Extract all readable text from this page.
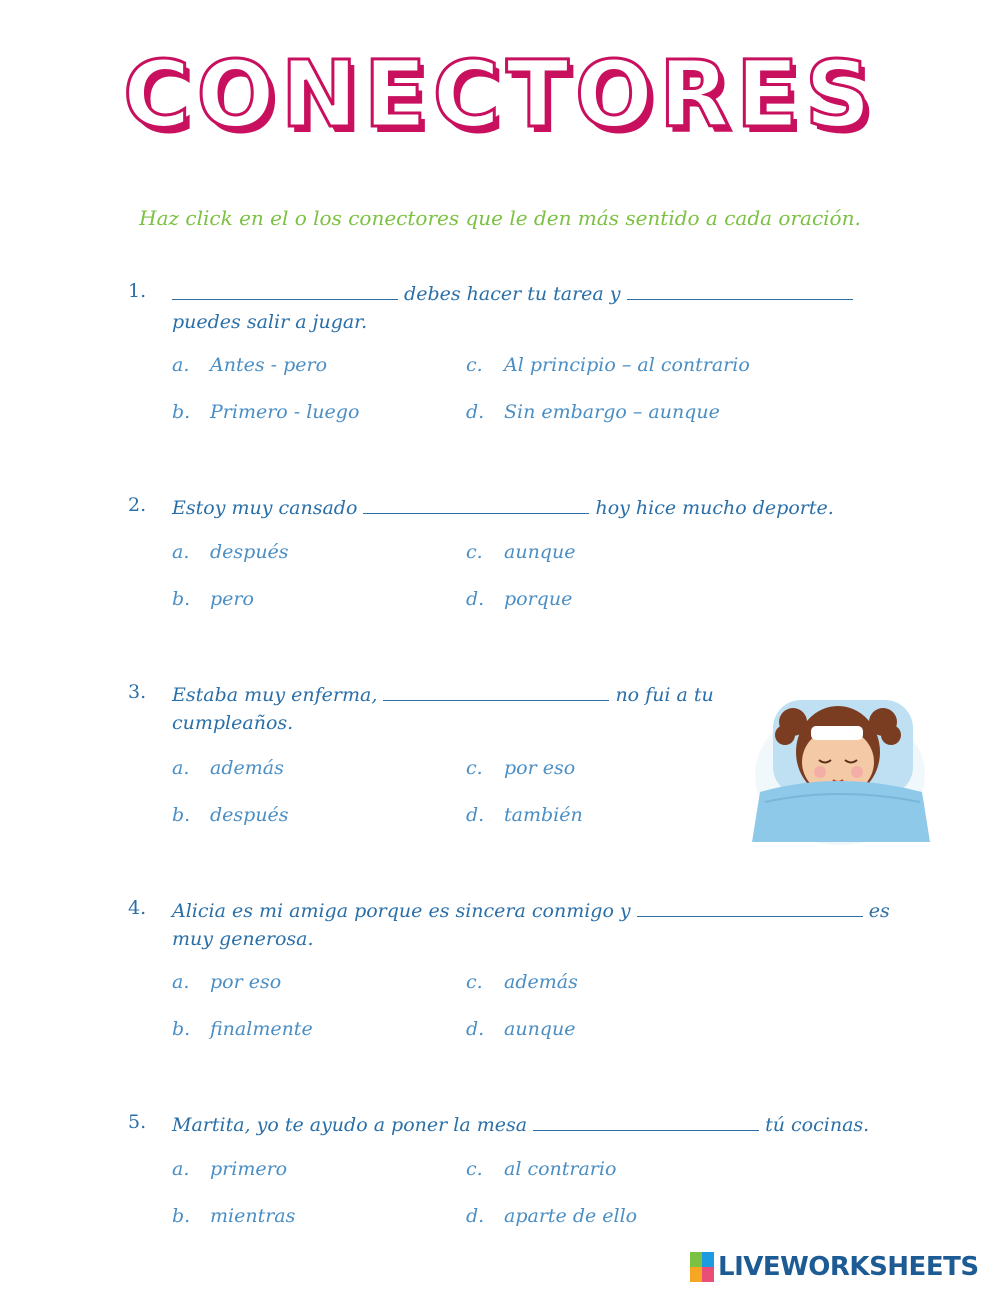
CONECTORES
Haz click en el o los conectores que le den más sentido a cada oración.
1.	debes hacer tu tarea y
puedes salir a jugar.
a. Antes - pero
b. Primero - luego
c. Al principio – al contrario
d. Sin embargo – aunque
2. Estoy muy cansado	hoy hice mucho deporte.
a. después
b. pero
c. aunque
d. porque
3. Estaba muy enferma,	no fui a tu cumpleaños.
a. además
b. después
c. por eso
d. también
4. Alicia es mi amiga porque es sincera conmigo y	es muy generosa.
a. por eso
b. finalmente
c. además
d. aunque
5. Martita, yo te ayudo a poner la mesa	tú cocinas.
a. primero
b. mientras
c. al contrario
d. aparte de ello
LIVEWORKSHEETS
